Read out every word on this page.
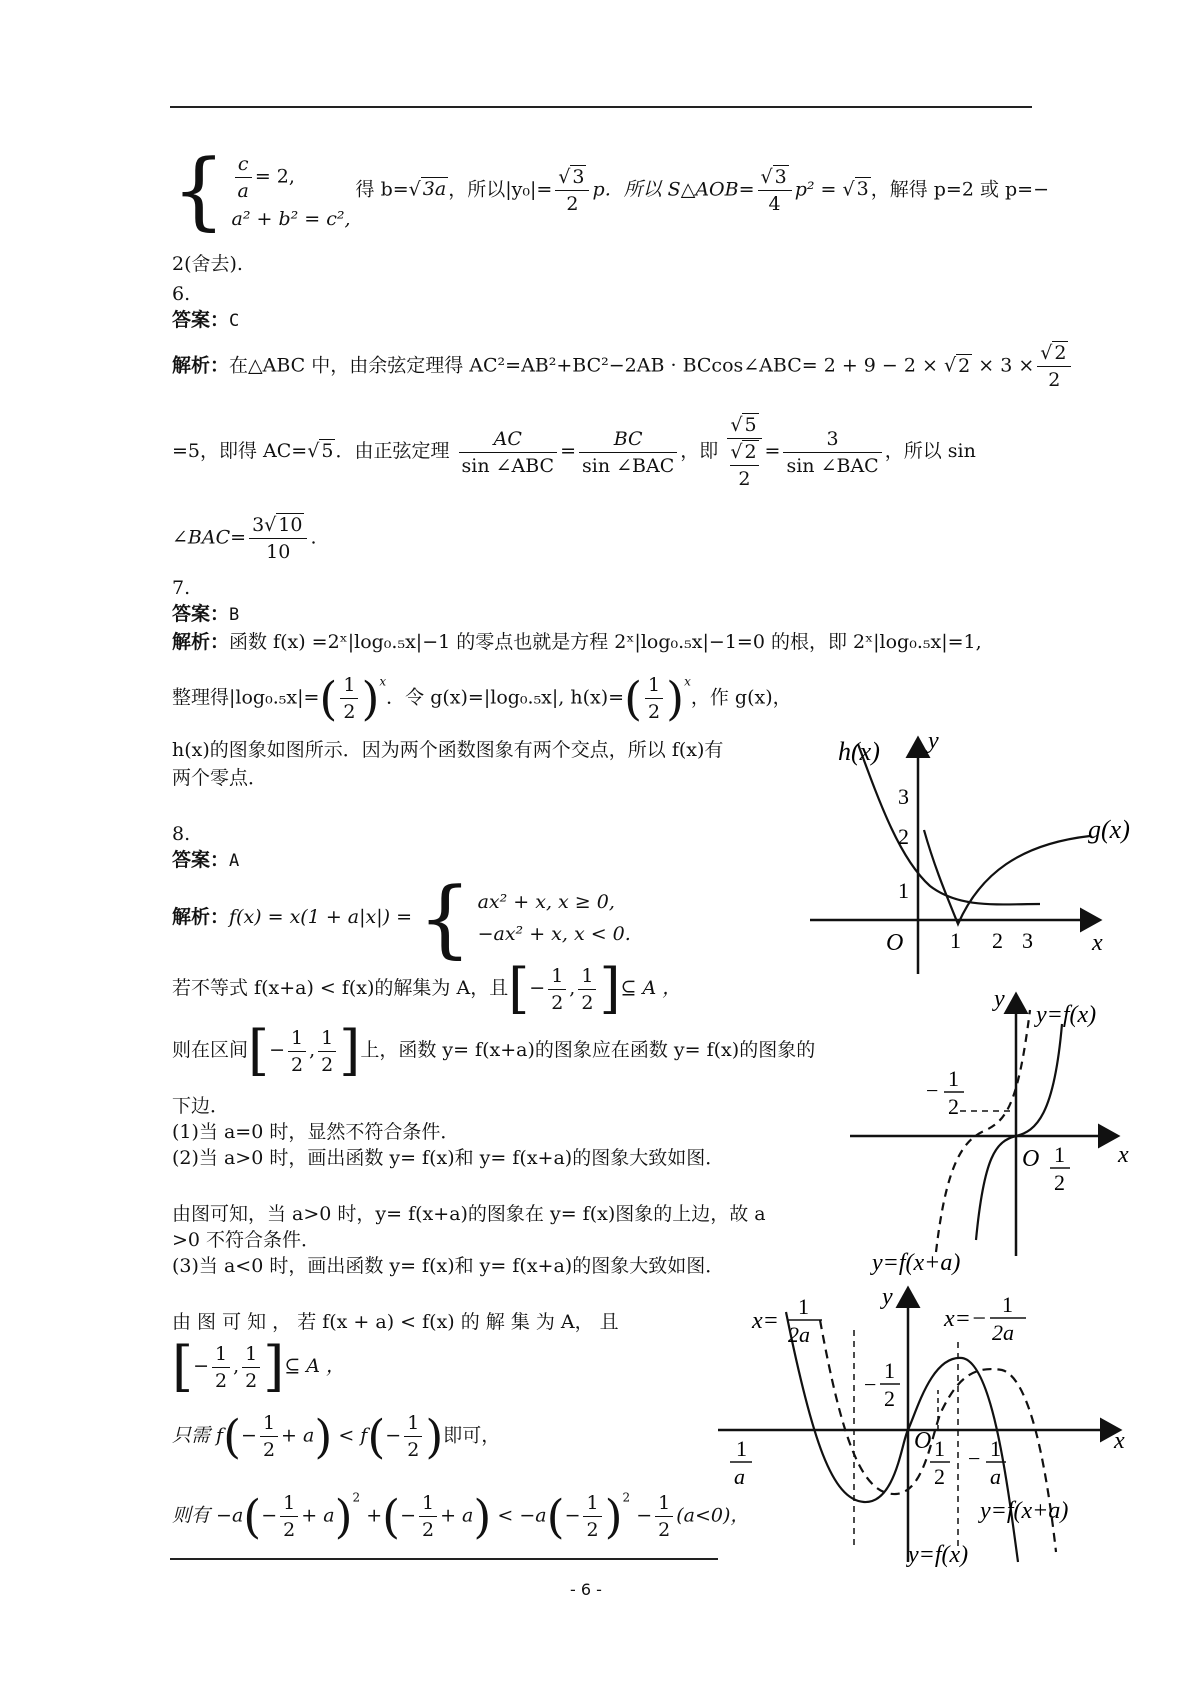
{ $\frac{c}{a} = 2$,
a² + b² = c²,
得 b=√ 3a ，所以$|y_0|= \frac{√ 3}{2}$ p．所以 S△AOB= $\frac{√ 3}{4} p^2$ = √ 3 ，解得 p=2 或 p=−
2(舍去).
6.
答案：C
解析：在△ABC 中，由余弦定理得 AC²=AB²+BC²−2AB · BCcos∠ABC= 2 + 9 − 2 × √ $2 \times 3 \times \frac{√ 2}{2}$
=5，即得 AC=√ 5 ．由正弦定理 $\frac{AC}{\text{sin ∠ABC}} = \frac{BC}{\text{sin ∠BAC}}$ ，即
√ 5
√ 2
2
= $\frac{3}{\text{sin ∠BAC}}$ ，所以 sin
∠BAC= $\frac{3√ 10}{10}$ .
7.
答案：B
解析：函数 f(x) =2ˣ|log₀.₅x|−1 的零点也就是方程 2ˣ|log₀.₅x|−1=0 的根，即 2ˣ|log₀.₅x|=1,
整理得$|\log_0._5x|=( \frac{1}{2} )^x$．令 g(x)=|log₀.₅x|, $h(x)=( \frac{1}{2} )^x$，作 g(x)，
h(x)的图象如图所示．因为两个函数图象有两个交点，所以 f(x)有
两个零点．
8.
答案：A
解析：f(x) = x(1 + a|x|) = { ax² + x, x ≥ 0,
−ax² + x, x < 0.
若不等式 f(x+a) < f(x)的解集为 A，且[− $\frac{1}{2}$ , $\frac{1}{2}$ ]⊆ A ，
则在区间[− $\frac{1}{2}$ , $\frac{1}{2}$ ]上，函数 y= f(x+a)的图象应在函数 y= f(x)的图象的
下边．
(1)当 a=0 时，显然不符合条件．
(2)当 a>0 时，画出函数 y= f(x)和 y= f(x+a)的图象大致如图．
由图可知，当 a>0 时，y= f(x+a)的图象在 y= f(x)图象的上边，故 a
>0 不符合条件．
(3)当 a<0 时，画出函数 y= f(x)和 y= f(x+a)的图象大致如图．
由 图 可 知 ， 若 f(x + a) < f(x) 的 解 集 为 A， 且
[− $\frac{1}{2}$ , $\frac{1}{2}$ ]⊆ A ，
只需 $f(- \frac{1}{2} + a) < f(- \frac{1}{2}$ )即可，
则有 $-a(- \frac{1}{2} + a)^2$ +(− $\frac{1}{2} + a) < -a(- \frac{1}{2} )^2 - \frac{1}{2} (a<0)$，
- 6 -
h(x)
g(x)
y
x
O 1 2 3
1
2
3
y
y=f(x)
x
O
y=f(x+a)
− 1
2
1
2
y
x
O
y=f(x)
y=f(x+a)
x=
1
2a
x=−
1
2a
−
1
2
1
a
1
2
− 1
a
